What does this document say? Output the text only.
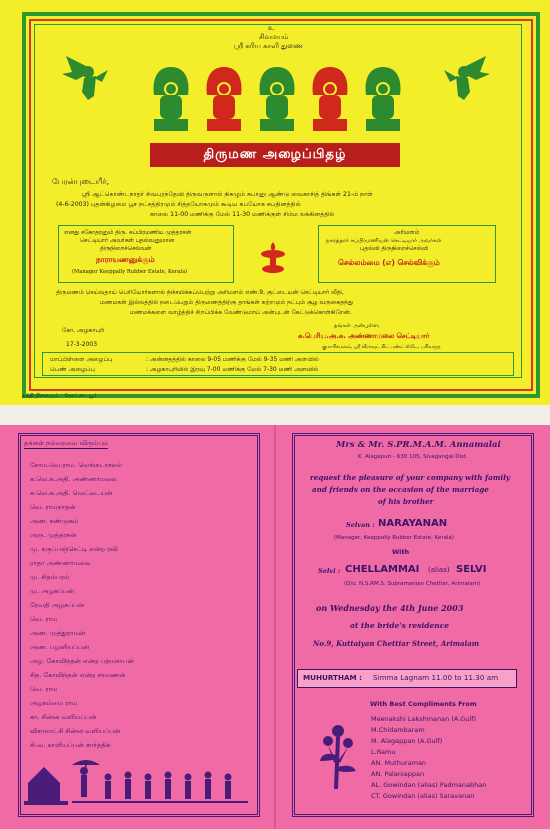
உ
சிவமயம்
ஸ்ரீ கரிய காளி துணை
திருமண அழைப்பிதழ்
பேரன்புடையீர்,
ஸ்ரீ ஆட்கொண்டநாதர் சிவபுரந்தேவி திருவருளால் நிகழும் சுபானு ஆண்டு வைகாசித் திங்கள் 21-ம் நாள்
(4-6-2003) புதன்கிழமை பூச நட்சத்திரமும் சித்தயோகமும் கூடிய சுபயோக சுபதினத்தில்
காலை 11-00 மணிக்கு மேல் 11-30 மணிக்குள் சிம்ம லக்கினத்தில்
எனது சகோதரனும் திரு. சுப்பிரமணிய முத்தரசன்
செட்டியார் அவர்கள் புதல்வனுமான
திருநிறைச்செல்வன்
நாராயணனுக்கும்
(Manager Keeppally Rubber Estate, Kerala)
அரிமளம்
நகரத்தார் சுப்பிரமணியன் செட்டியார் அவர்கள்
புதல்வி திருநிறைச்செல்வி
செல்லம்மை (எ) செல்விக்கும்
திருமணம் செய்வதாய் பெரியோர்களால் நிச்சயிக்கப்பெற்று அரிமளம் எண்.9, குட்டையன் செட்டியார் வீதி,
மணமகள் இல்லத்தில் நடைபெறும் திருமணத்திற்கு தாங்கள் சுற்றமும் நட்பும் சூழ வருகைதந்து
மணமக்களை வாழ்த்திச் சிறப்பிக்க வேண்டுமாய் அன்புடன் கேட்டுக்கொள்கிறேன்.
தங்கள் அன்புள்ள,
சு.பெரிய.அ.சு. அண்ணாமலை செட்டியார்
குமாரிகமலம், ஸ்ரீ வீராவுட் கிட் பண்ட் ஸ்டே, பசிவருத
கோ. அழகாபுரி
17-3-2003
மாப்பிள்ளை அழைப்பு	: அன்னதத்தில் காலை 9-05 மணிக்கு மேல் 9-35 மணி அளவில்
பெண் அழைப்பு	: அழகாபுரியில் இரவு 7-00 மணிக்கு மேல் 7-30 மணி அளவில்
தந்தி நிலையம் : கோட்டையூர்
தங்கள் நல்வரவை விரும்பும்
சோம.வெ.ராம. வெங்கடாசலம்
சு.வெ.க.அதி. அண்ணாமலை
சு.வெ.க.அதி. வெட்டையன்
வெ. ராமநாதன்
அண. சண்முகம்
அரு. முத்தரசன்
மு. கருப்பஞ்செட்டி என்ற ரவி
ராதா அண்ணாமலை
மு. சிதம்பரம்
மு. அழகப்பன்
ரேவதி அழகப்பன்
வெ. ராம
அண. முத்துராமன்
அண. பழனியப்பன்
அழ. கோவிந்தன் என்ற பத்மநாபன்
சித. கோவிந்தன் என்ற சரவணன்
வெ. ராம
அழகம்மை ராம
கா. சின்ன வளியப்பன்
விசாலாட்சி சின்ன வளியப்பன்
சி.வ. காளியப்பன் கார்த்திக்
Mrs & Mr. S.PR.M.A.M. Annamalai
K. Alagapuri - 630 105, Sivagangai Dist.
request the pleasure of your company with family
and friends on the occasion of the marriage
of his brother
Selvan : NARAYANAN
(Manager, Keeppally Rubber Estate, Kerala)
With
Selvi : CHELLAMMAI (alias) SELVI
(D/o. N.S.RM.S. Subramanian Chettiar, Arimalam)
on Wednesday the 4th June 2003
at the bride's residence
No.9, Kuttaiyan Chettiar Street, Arimalam
MUHURTHAM : Simma Lagnam 11.00 to 11.30 am
With Best Compliments From
Meenakshi Lakshmanan (A.Gulf)
M.Chidambaram
M. Alagappan (A.Gulf)
L.Ramu
AN. Muthuraman
AN. Palaniappan
AL. Gowindan (alias) Padmanabhan
CT. Gowindan (alias) Saravanan
